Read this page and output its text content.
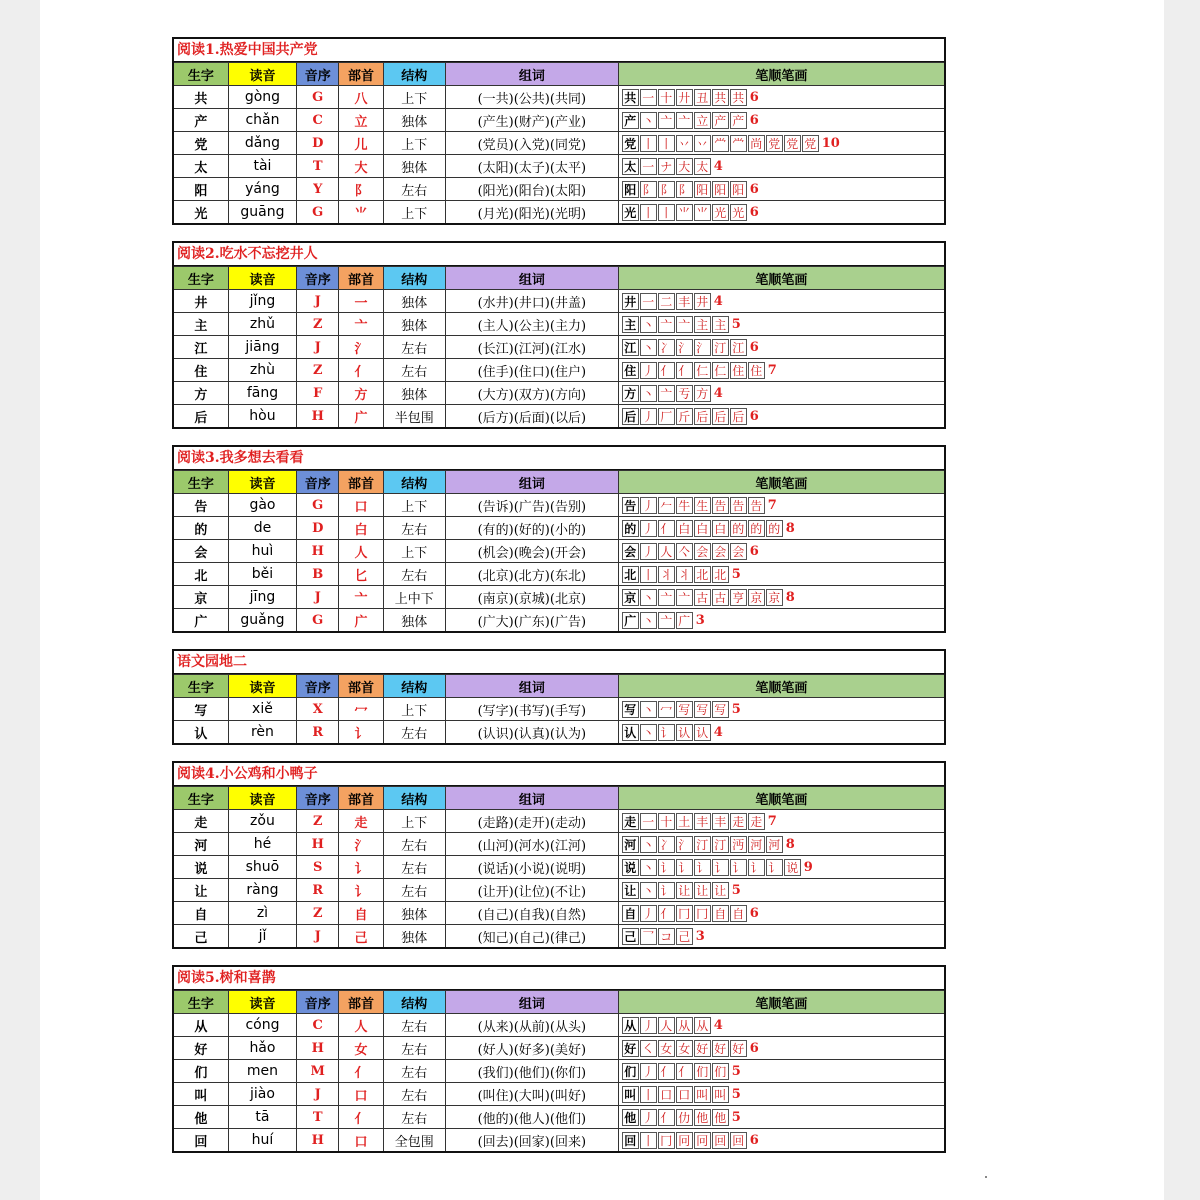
阅读1.热爱中国共产党
生字	读音	音序	部首	结构	组词	笔顺笔画
共	gòng	G	八	上下	(一共)(公共)(共同)	共 一 十 廾 丑 共 共 6
产	chǎn	C	立	独体	(产生)(财产)(产业)	产 丶 亠 亠 立 产 产 6
党	dǎng	D	儿	上下	(党员)(入党)(同党)	党 丨 丨 丷 丷 龸 龸 尚 党 党 党 10
太	tài	T	大	独体	(太阳)(太子)(太平)	太 一 ナ 大 太 4
阳	yáng	Y	阝	左右	(阳光)(阳台)(太阳)	阳 阝 阝 阝 阳 阳 阳 6
光	guāng	G	⺌	上下	(月光)(阳光)(光明)	光 丨 丨 ⺌ ⺌ 光 光 6
阅读2.吃水不忘挖井人
生字	读音	音序	部首	结构	组词	笔顺笔画
井	jǐng	J	一	独体	(水井)(井口)(井盖)	井 一 二 丰 井 4
主	zhǔ	Z	亠	独体	(主人)(公主)(主力)	主 丶 亠 亠 主 主 5
江	jiāng	J	氵	左右	(长江)(江河)(江水)	江 丶 冫 氵 氵 汀 江 6
住	zhù	Z	亻	左右	(住手)(住口)(住户)	住 丿 亻 亻 仁 仁 住 住 7
方	fāng	F	方	独体	(大方)(双方)(方向)	方 丶 亠 亐 方 4
后	hòu	H	广	半包围	(后方)(后面)(以后)	后 丿 厂 斤 后 后 后 6
阅读3.我多想去看看
生字	读音	音序	部首	结构	组词	笔顺笔画
告	gào	G	口	上下	(告诉)(广告)(告别)	告 丿 𠂉 牛 生 告 告 告 7
的	de	D	白	左右	(有的)(好的)(小的)	的 丿 亻 白 白 白 的 的 的 8
会	huì	H	人	上下	(机会)(晚会)(开会)	会 丿 人 亽 会 会 会 6
北	běi	B	匕	左右	(北京)(北方)(东北)	北 丨 丬 丬 北 北 5
京	jīng	J	亠	上中下	(南京)(京城)(北京)	京 丶 亠 亠 古 古 亨 京 京 8
广	guǎng	G	广	独体	(广大)(广东)(广告)	广 丶 亠 广 3
语文园地二
生字	读音	音序	部首	结构	组词	笔顺笔画
写	xiě	X	冖	上下	(写字)(书写)(手写)	写 丶 冖 写 写 写 5
认	rèn	R	讠	左右	(认识)(认真)(认为)	认 丶 讠 认 认 4
阅读4.小公鸡和小鸭子
生字	读音	音序	部首	结构	组词	笔顺笔画
走	zǒu	Z	走	上下	(走路)(走开)(走动)	走 一 十 土 丰 丰 走 走 7
河	hé	H	氵	左右	(山河)(河水)(江河)	河 丶 冫 氵 汀 汀 沔 河 河 8
说	shuō	S	讠	左右	(说话)(小说)(说明)	说 丶 讠 讠 讠 讠 讠 讠 讠 说 9
让	ràng	R	讠	左右	(让开)(让位)(不让)	让 丶 讠 让 让 让 5
自	zì	Z	自	独体	(自己)(自我)(自然)	自 丿 亻 冂 冂 自 自 6
己	jǐ	J	己	独体	(知己)(自己)(律己)	己 乛 コ 己 3
阅读5.树和喜鹊
生字	读音	音序	部首	结构	组词	笔顺笔画
从	cóng	C	人	左右	(从来)(从前)(从头)	从 丿 人 从 从 4
好	hǎo	H	女	左右	(好人)(好多)(美好)	好 ㇛ 女 女 好 好 好 6
们	men	M	亻	左右	(我们)(他们)(你们)	们 丿 亻 亻 们 们 5
叫	jiào	J	口	左右	(叫住)(大叫)(叫好)	叫 丨 口 口 叫 叫 5
他	tā	T	亻	左右	(他的)(他人)(他们)	他 丿 亻 仂 他 他 5
回	huí	H	口	全包围	(回去)(回家)(回来)	回 丨 冂 冋 冋 回 回 6
